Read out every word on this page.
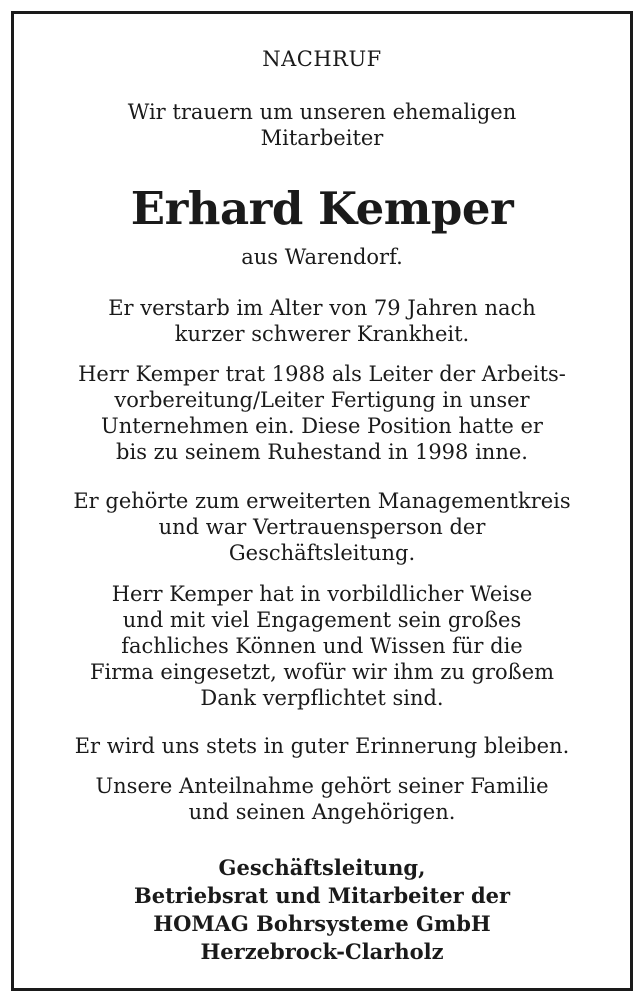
NACHRUF
Wir trauern um unseren ehemaligen
Mitarbeiter
Erhard Kemper
aus Warendorf.
Er verstarb im Alter von 79 Jahren nach
kurzer schwerer Krankheit.
Herr Kemper trat 1988 als Leiter der Arbeits-
vorbereitung/Leiter Fertigung in unser
Unternehmen ein. Diese Position hatte er
bis zu seinem Ruhestand in 1998 inne.
Er gehörte zum erweiterten Managementkreis
und war Vertrauensperson der
Geschäftsleitung.
Herr Kemper hat in vorbildlicher Weise
und mit viel Engagement sein großes
fachliches Können und Wissen für die
Firma eingesetzt, wofür wir ihm zu großem
Dank verpflichtet sind.
Er wird uns stets in guter Erinnerung bleiben.
Unsere Anteilnahme gehört seiner Familie
und seinen Angehörigen.
Geschäftsleitung,
Betriebsrat und Mitarbeiter der
HOMAG Bohrsysteme GmbH
Herzebrock-Clarholz
